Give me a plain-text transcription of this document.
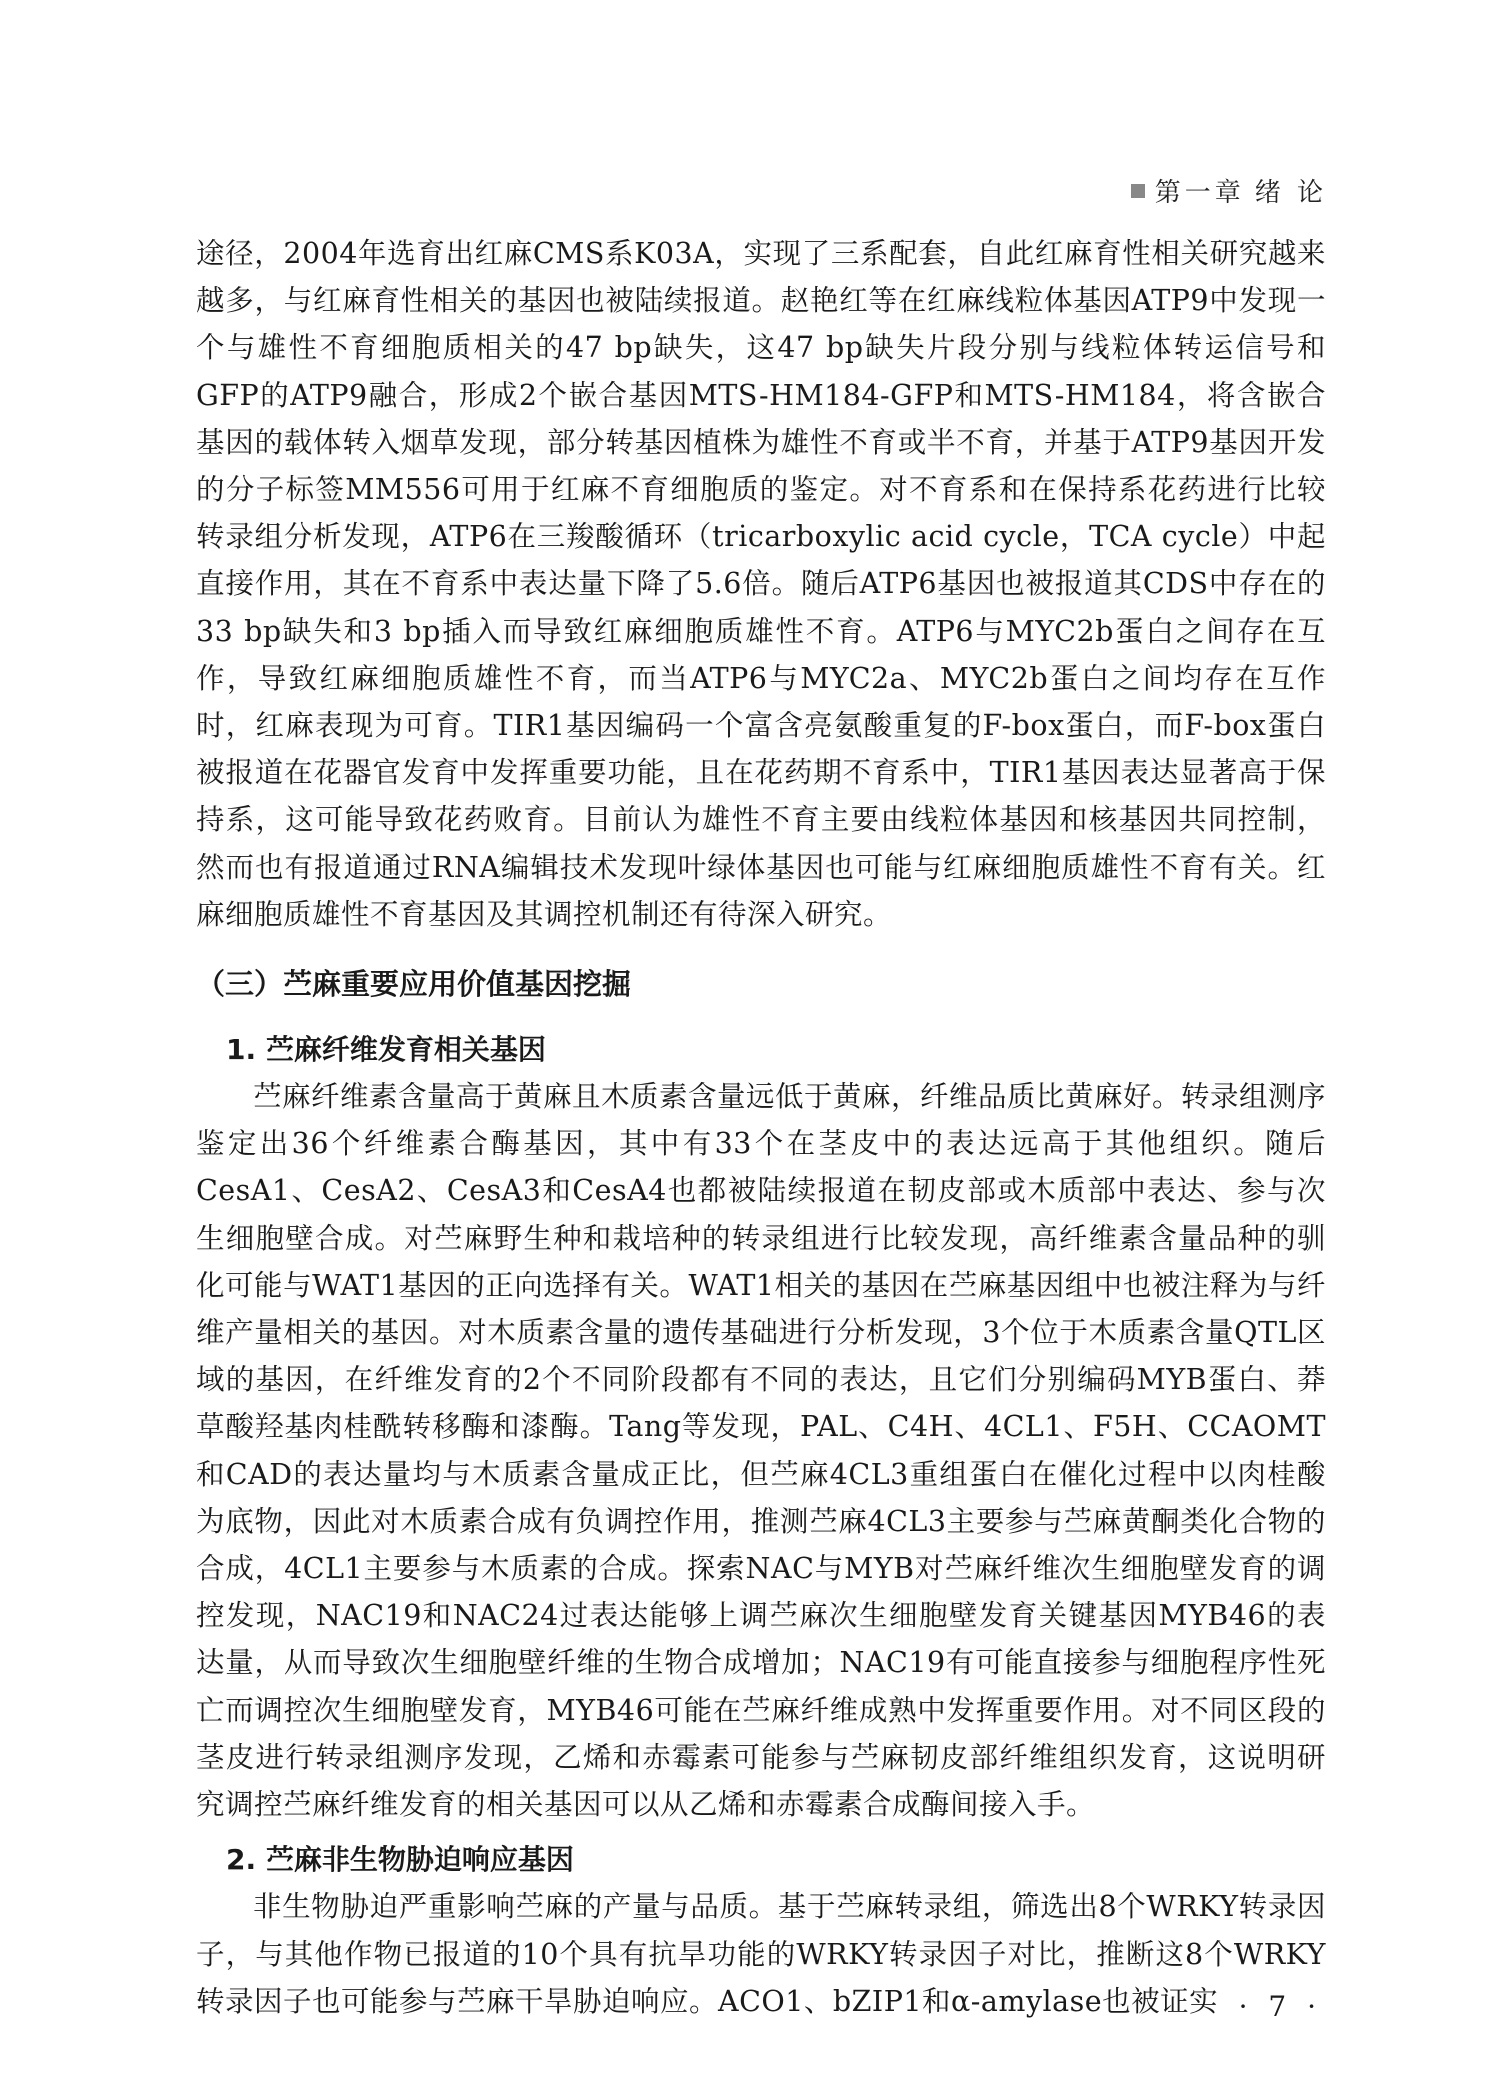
第一章 绪 论

途径，2004年选育出红麻CMS系K03A，实现了三系配套，自此红麻育性相关研究越来越多，与红麻育性相关的基因也被陆续报道。赵艳红等在红麻线粒体基因ATP9中发现一个与雄性不育细胞质相关的47 bp缺失，这47 bp缺失片段分别与线粒体转运信号和GFP的ATP9融合，形成2个嵌合基因MTS-HM184-GFP和MTS-HM184，将含嵌合基因的载体转入烟草发现，部分转基因植株为雄性不育或半不育，并基于ATP9基因开发的分子标签MM556可用于红麻不育细胞质的鉴定。对不育系和在保持系花药进行比较转录组分析发现，ATP6在三羧酸循环（tricarboxylic acid cycle，TCA cycle）中起直接作用，其在不育系中表达量下降了5.6倍。随后ATP6基因也被报道其CDS中存在的33 bp缺失和3 bp插入而导致红麻细胞质雄性不育。ATP6与MYC2b蛋白之间存在互作，导致红麻细胞质雄性不育，而当ATP6与MYC2a、MYC2b蛋白之间均存在互作时，红麻表现为可育。TIR1基因编码一个富含亮氨酸重复的F-box蛋白，而F-box蛋白被报道在花器官发育中发挥重要功能，且在花药期不育系中，TIR1基因表达显著高于保持系，这可能导致花药败育。目前认为雄性不育主要由线粒体基因和核基因共同控制，然而也有报道通过RNA编辑技术发现叶绿体基因也可能与红麻细胞质雄性不育有关。红麻细胞质雄性不育基因及其调控机制还有待深入研究。

（三）苎麻重要应用价值基因挖掘
1. 苎麻纤维发育相关基因

苎麻纤维素含量高于黄麻且木质素含量远低于黄麻，纤维品质比黄麻好。转录组测序鉴定出36个纤维素合酶基因，其中有33个在茎皮中的表达远高于其他组织。随后CesA1、CesA2、CesA3和CesA4也都被陆续报道在韧皮部或木质部中表达、参与次生细胞壁合成。对苎麻野生种和栽培种的转录组进行比较发现，高纤维素含量品种的驯化可能与WAT1基因的正向选择有关。WAT1相关的基因在苎麻基因组中也被注释为与纤维产量相关的基因。对木质素含量的遗传基础进行分析发现，3个位于木质素含量QTL区域的基因，在纤维发育的2个不同阶段都有不同的表达，且它们分别编码MYB蛋白、莽草酸羟基肉桂酰转移酶和漆酶。Tang等发现，PAL、C4H、4CL1、F5H、CCAOMT和CAD的表达量均与木质素含量成正比，但苎麻4CL3重组蛋白在催化过程中以肉桂酸为底物，因此对木质素合成有负调控作用，推测苎麻4CL3主要参与苎麻黄酮类化合物的合成，4CL1主要参与木质素的合成。探索NAC与MYB对苎麻纤维次生细胞壁发育的调控发现，NAC19和NAC24过表达能够上调苎麻次生细胞壁发育关键基因MYB46的表达量，从而导致次生细胞壁纤维的生物合成增加；NAC19有可能直接参与细胞程序性死亡而调控次生细胞壁发育，MYB46可能在苎麻纤维成熟中发挥重要作用。对不同区段的茎皮进行转录组测序发现，乙烯和赤霉素可能参与苎麻韧皮部纤维组织发育，这说明研究调控苎麻纤维发育的相关基因可以从乙烯和赤霉素合成酶间接入手。

2. 苎麻非生物胁迫响应基因

非生物胁迫严重影响苎麻的产量与品质。基于苎麻转录组，筛选出8个WRKY转录因子，与其他作物已报道的10个具有抗旱功能的WRKY转录因子对比，推断这8个WRKY转录因子也可能参与苎麻干旱胁迫响应。ACO1、bZIP1和α-amylase也被证实 · 7 ·
